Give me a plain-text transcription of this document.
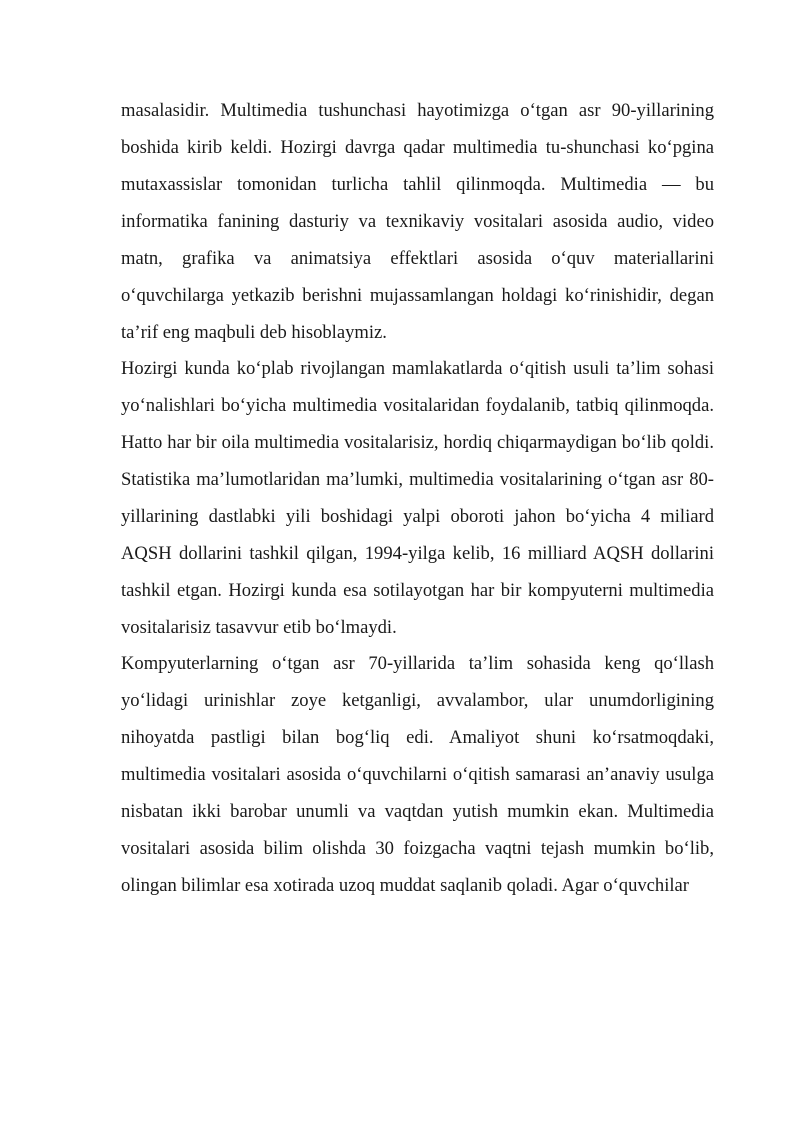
masalasidir. Multimedia tushunchasi hayotimizga o‘tgan asr 90-yillarining boshida kirib keldi. Hozirgi davrga qadar multimedia tu-shunchasi ko‘pgina mutaxassislar tomonidan turlicha tahlil qilinmoqda. Multimedia — bu informatika fanining dasturiy va texnikaviy vositalari asosida audio, video matn, grafika va animatsiya effektlari asosida o‘quv materiallarini o‘quvchilarga yetkazib berishni mujassamlangan holdagi ko‘rinishidir, degan ta’rif eng maqbuli deb hisoblaymiz.

Hozirgi kunda ko‘plab rivojlangan mamlakatlarda o‘qitish usuli ta’lim sohasi yo‘nalishlari bo‘yicha multimedia vositalaridan foydalanib, tatbiq qilinmoqda. Hatto har bir oila multimedia vositalarisiz, hordiq chiqarmaydigan bo‘lib qoldi. Statistika ma’lumotlaridan ma’lumki, multimedia vositalarining o‘tgan asr 80-yillarining dastlabki yili boshidagi yalpi oboroti jahon bo‘yicha 4 miliard AQSH dollarini tashkil qilgan, 1994-yilga kelib, 16 milliard AQSH dollarini tashkil etgan. Hozirgi kunda esa sotilayotgan har bir kompyuterni multimedia vositalarisiz tasavvur etib bo‘lmaydi.

Kompyuterlarning o‘tgan asr 70-yillarida ta’lim sohasida keng qo‘llash yo‘lidagi urinishlar zoye ketganligi, avvalambor, ular unumdorligining nihoyatda pastligi bilan bog‘liq edi. Amaliyot shuni ko‘rsatmoqdaki, multimedia vositalari asosida o‘quvchilarni o‘qitish samarasi an’anaviy usulga nisbatan ikki barobar unumli va vaqtdan yutish mumkin ekan. Multimedia vositalari asosida bilim olishda 30 foizgacha vaqtni tejash mumkin bo‘lib, olingan bilimlar esa xotirada uzoq muddat saqlanib qoladi. Agar o‘quvchilar
